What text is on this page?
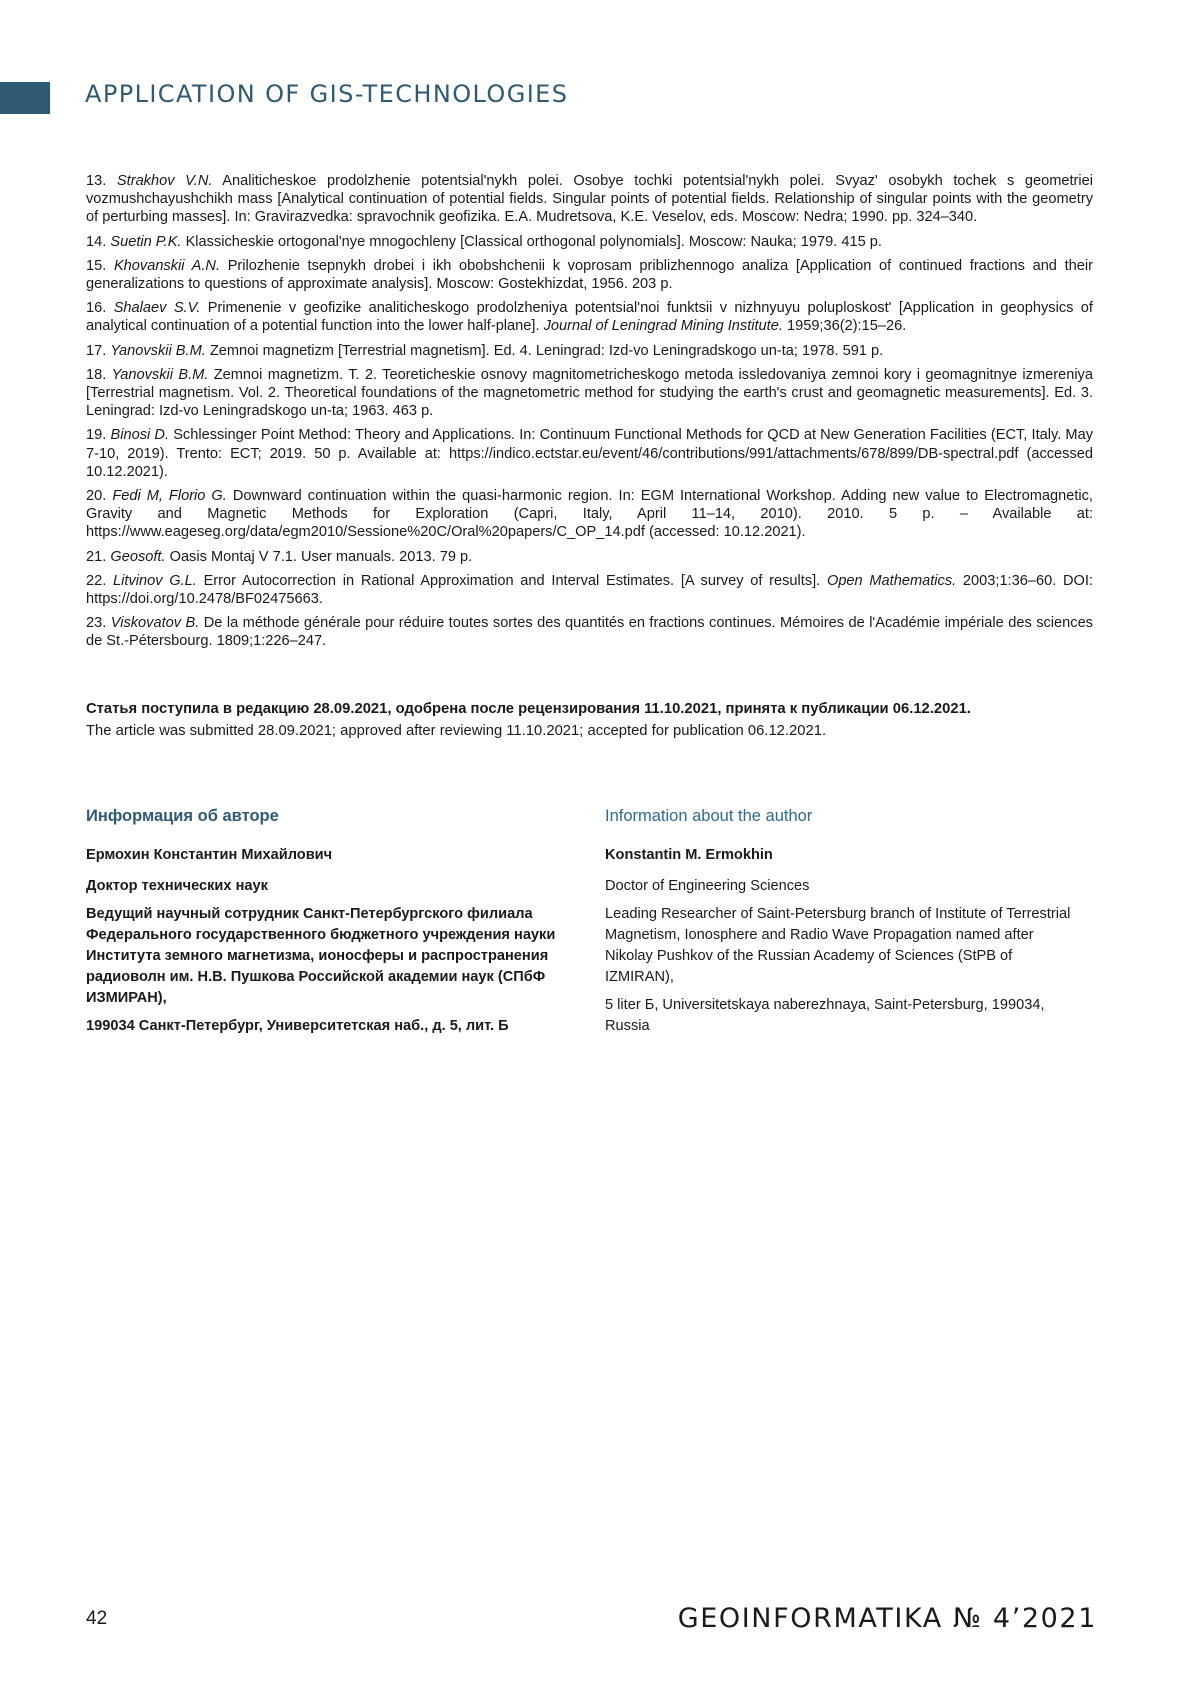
APPLICATION OF GIS-TECHNOLOGIES
13. Strakhov V.N. Analiticheskoe prodolzhenie potentsial'nykh polei. Osobye tochki potentsial'nykh polei. Svyaz' osobykh tochek s geometriei vozmushchayushchikh mass [Analytical continuation of potential fields. Singular points of potential fields. Relationship of singular points with the geometry of perturbing masses]. In: Gravirazvedka: spravochnik geofizika. E.A. Mudretsova, K.E. Veselov, eds. Moscow: Nedra; 1990. pp. 324–340.
14. Suetin P.K. Klassicheskie ortogonal'nye mnogochleny [Classical orthogonal polynomials]. Moscow: Nauka; 1979. 415 p.
15. Khovanskii A.N. Prilozhenie tsepnykh drobei i ikh obobshchenii k voprosam priblizhennogo analiza [Application of continued fractions and their generalizations to questions of approximate analysis]. Moscow: Gostekhizdat, 1956. 203 p.
16. Shalaev S.V. Primenenie v geofizike analiticheskogo prodolzheniya potentsial'noi funktsii v nizhnyuyu poluploskost' [Application in geophysics of analytical continuation of a potential function into the lower half-plane]. Journal of Leningrad Mining Institute. 1959;36(2):15–26.
17. Yanovskii B.M. Zemnoi magnetizm [Terrestrial magnetism]. Ed. 4. Leningrad: Izd-vo Leningradskogo un-ta; 1978. 591 p.
18. Yanovskii B.M. Zemnoi magnetizm. T. 2. Teoreticheskie osnovy magnitometricheskogo metoda issledovaniya zemnoi kory i geomagnitnye izmereniya [Terrestrial magnetism. Vol. 2. Theoretical foundations of the magnetometric method for studying the earth's crust and geomagnetic measurements]. Ed. 3. Leningrad: Izd-vo Leningradskogo un-ta; 1963. 463 p.
19. Binosi D. Schlessinger Point Method: Theory and Applications. In: Continuum Functional Methods for QCD at New Generation Facilities (ECT, Italy. May 7-10, 2019). Trento: ECT; 2019. 50 p. Available at: https://indico.ectstar.eu/event/46/contributions/991/attachments/678/899/DB-spectral.pdf (accessed 10.12.2021).
20. Fedi M, Florio G. Downward continuation within the quasi-harmonic region. In: EGM International Workshop. Adding new value to Electromagnetic, Gravity and Magnetic Methods for Exploration (Capri, Italy, April 11–14, 2010). 2010. 5 p. – Available at: https://www.eageseg.org/data/egm2010/Sessione%20C/Oral%20papers/C_OP_14.pdf (accessed: 10.12.2021).
21. Geosoft. Oasis Montaj V 7.1. User manuals. 2013. 79 p.
22. Litvinov G.L. Error Autocorrection in Rational Approximation and Interval Estimates. [A survey of results]. Open Mathematics. 2003;1:36–60. DOI: https://doi.org/10.2478/BF02475663.
23. Viskovatov B. De la méthode générale pour réduire toutes sortes des quantités en fractions continues. Mémoires de l'Académie impériale des sciences de St.-Pétersbourg. 1809;1:226–247.
Статья поступила в редакцию 28.09.2021, одобрена после рецензирования 11.10.2021, принята к публикации 06.12.2021.
The article was submitted 28.09.2021; approved after reviewing 11.10.2021; accepted for publication 06.12.2021.
Информация об авторе

Ермохин Константин Михайлович

Доктор технических наук

Ведущий научный сотрудник Санкт-Петербургского филиала Федерального государственного бюджетного учреждения науки Института земного магнетизма, ионосферы и распространения радиоволн им. Н.В. Пушкова Российской академии наук (СПбФ ИЗМИРАН),

199034 Санкт-Петербург, Университетская наб., д. 5, лит. Б

Information about the author

Konstantin M. Ermokhin

Doctor of Engineering Sciences

Leading Researcher of Saint-Petersburg branch of Institute of Terrestrial Magnetism, Ionosphere and Radio Wave Propagation named after Nikolay Pushkov of the Russian Academy of Sciences (StPB of IZMIRAN),

5 liter Б, Universitetskaya naberezhnaya, Saint-Petersburg, 199034, Russia

42	GEOINFORMATIKA № 4’2021
